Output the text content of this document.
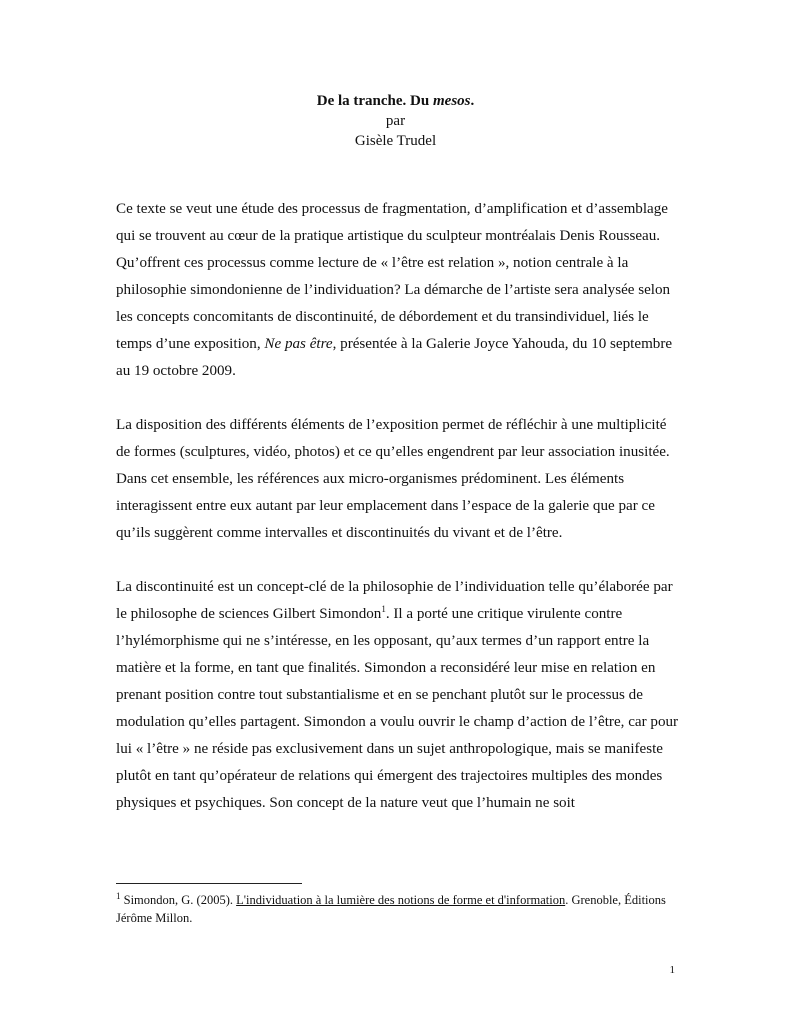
De la tranche. Du mesos.
par
Gisèle Trudel

Ce texte se veut une étude des processus de fragmentation, d’amplification et d’assemblage qui se trouvent au cœur de la pratique artistique du sculpteur montréalais Denis Rousseau. Qu’offrent ces processus comme lecture de « l’être est relation », notion centrale à la philosophie simondonienne de l’individuation? La démarche de l’artiste sera analysée selon les concepts concomitants de discontinuité, de débordement et du transindividuel, liés le temps d’une exposition, Ne pas être, présentée à la Galerie Joyce Yahouda, du 10 septembre au 19 octobre 2009.

La disposition des différents éléments de l’exposition permet de réfléchir à une multiplicité de formes (sculptures, vidéo, photos) et ce qu’elles engendrent par leur association inusitée. Dans cet ensemble, les références aux micro-organismes prédominent. Les éléments interagissent entre eux autant par leur emplacement dans l’espace de la galerie que par ce qu’ils suggèrent comme intervalles et discontinuités du vivant et de l’être.

La discontinuité est un concept-clé de la philosophie de l’individuation telle qu’élaborée par le philosophe de sciences Gilbert Simondon$^1$. Il a porté une critique virulente contre l’hylémorphisme qui ne s’intéresse, en les opposant, qu’aux termes d’un rapport entre la matière et la forme, en tant que finalités. Simondon a reconsidéré leur mise en relation en prenant position contre tout substantialisme et en se penchant plutôt sur le processus de modulation qu’elles partagent. Simondon a voulu ouvrir le champ d’action de l’être, car pour lui « l’être » ne réside pas exclusivement dans un sujet anthropologique, mais se manifeste plutôt en tant qu’opérateur de relations qui émergent des trajectoires multiples des mondes physiques et psychiques. Son concept de la nature veut que l’humain ne soit

$^1$ Simondon, G. (2005). L'individuation à la lumière des notions de forme et d'information. Grenoble, Éditions Jérôme Millon.
1
